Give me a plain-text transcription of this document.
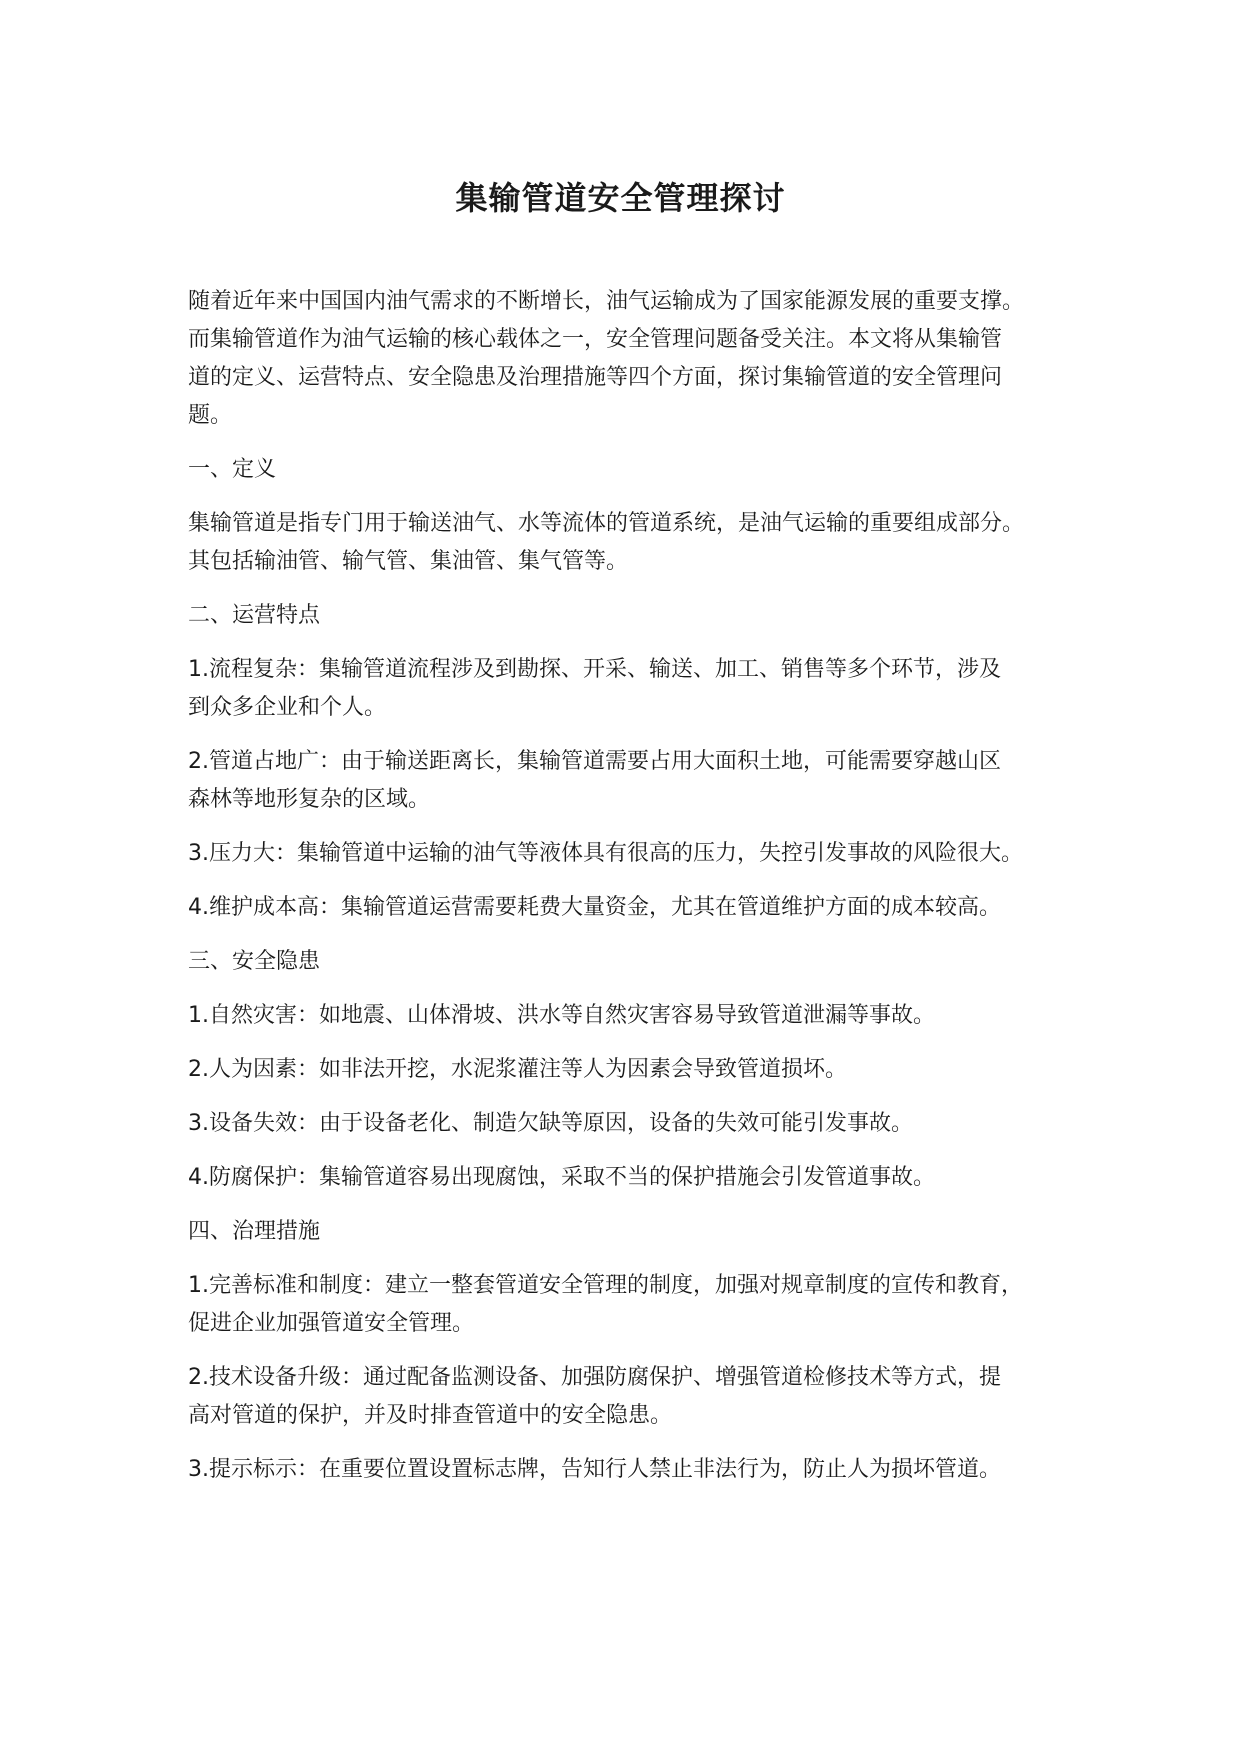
集输管道安全管理探讨

随着近年来中国国内油气需求的不断增长，油气运输成为了国家能源发展的重要支撑。
而集输管道作为油气运输的核心载体之一，安全管理问题备受关注。本文将从集输管
道的定义、运营特点、安全隐患及治理措施等四个方面，探讨集输管道的安全管理问
题。

一、定义

集输管道是指专门用于输送油气、水等流体的管道系统，是油气运输的重要组成部分。
其包括输油管、输气管、集油管、集气管等。

二、运营特点

1.流程复杂：集输管道流程涉及到勘探、开采、输送、加工、销售等多个环节，涉及
到众多企业和个人。

2.管道占地广：由于输送距离长，集输管道需要占用大面积土地，可能需要穿越山区
森林等地形复杂的区域。

3.压力大：集输管道中运输的油气等液体具有很高的压力，失控引发事故的风险很大。

4.维护成本高：集输管道运营需要耗费大量资金，尤其在管道维护方面的成本较高。

三、安全隐患

1.自然灾害：如地震、山体滑坡、洪水等自然灾害容易导致管道泄漏等事故。

2.人为因素：如非法开挖，水泥浆灌注等人为因素会导致管道损坏。

3.设备失效：由于设备老化、制造欠缺等原因，设备的失效可能引发事故。

4.防腐保护：集输管道容易出现腐蚀，采取不当的保护措施会引发管道事故。

四、治理措施

1.完善标准和制度：建立一整套管道安全管理的制度，加强对规章制度的宣传和教育，
促进企业加强管道安全管理。

2.技术设备升级：通过配备监测设备、加强防腐保护、增强管道检修技术等方式，提
高对管道的保护，并及时排查管道中的安全隐患。

3.提示标示：在重要位置设置标志牌，告知行人禁止非法行为，防止人为损坏管道。
